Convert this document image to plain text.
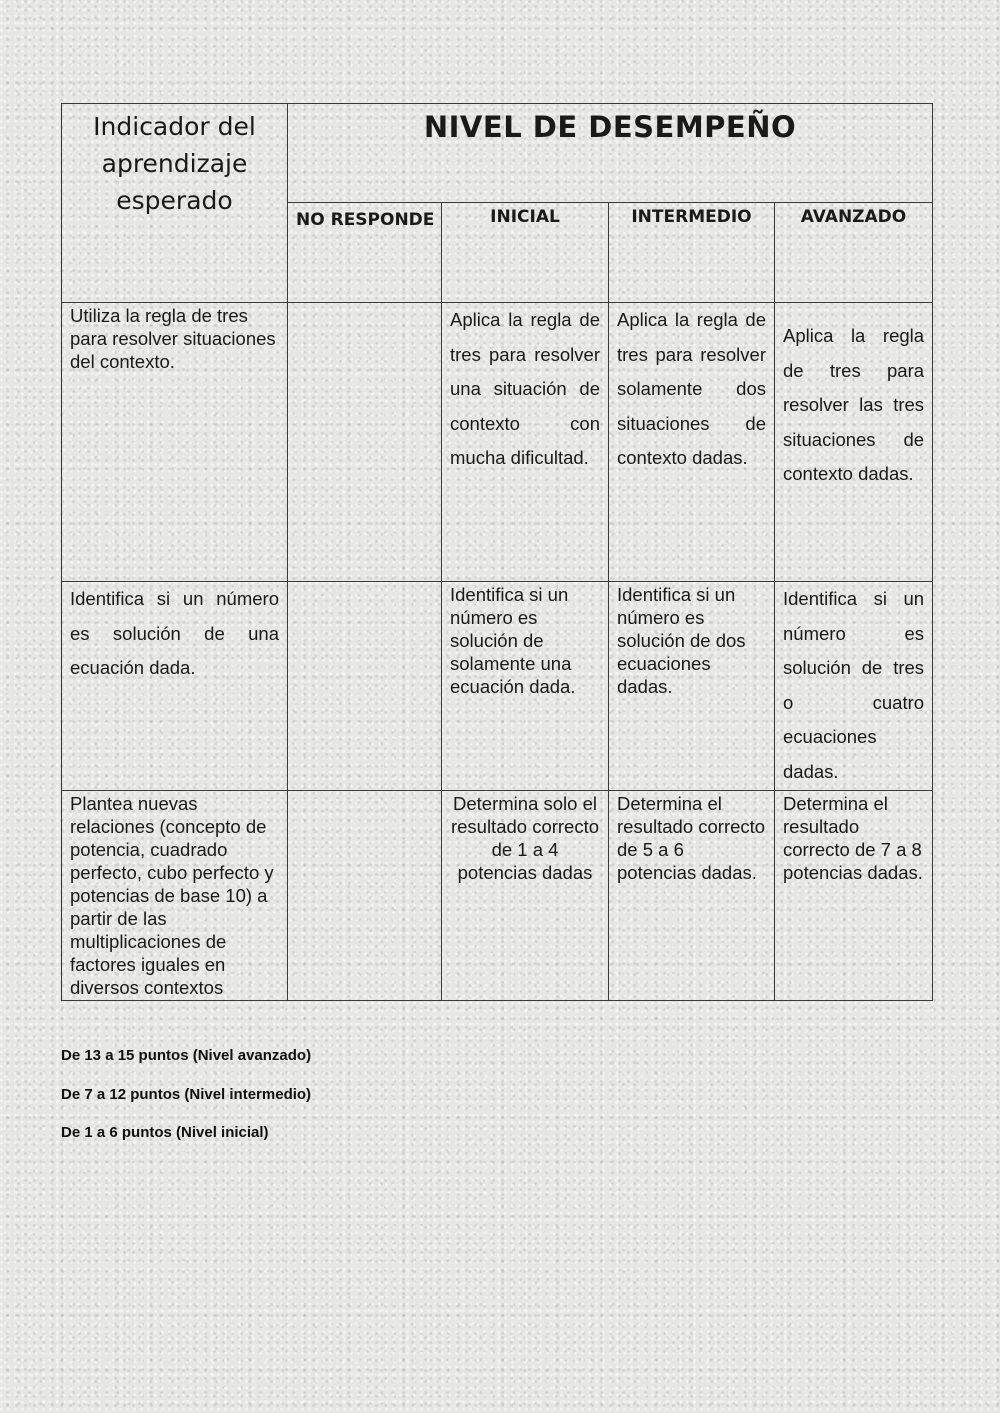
Indicador del aprendizaje esperado	NIVEL DE DESEMPEÑO			
	NO RESPONDE	INICIAL	INTERMEDIO	AVANZADO
Utiliza la regla de tres para resolver situaciones del contexto.		Aplica la regla de tres para resolver una situación de contexto con mucha dificultad.	Aplica la regla de tres para resolver solamente dos situaciones de contexto dadas.	Aplica la regla de tres para resolver las tres situaciones de contexto dadas.
Identifica si un número es solución de una ecuación dada.		Identifica si un número es solución de solamente una ecuación dada.	Identifica si un número es solución de dos ecuaciones dadas.	Identifica si un número es solución de tres o cuatro ecuaciones dadas.
Plantea nuevas relaciones (concepto de potencia, cuadrado perfecto, cubo perfecto y potencias de base 10) a partir de las multiplicaciones de factores iguales en diversos contextos		Determina solo el resultado correcto de 1 a 4 potencias dadas	Determina el resultado correcto de 5 a 6 potencias dadas.	Determina el resultado correcto de 7 a 8 potencias dadas.
De 13 a 15 puntos (Nivel avanzado)
De 7 a 12 puntos (Nivel intermedio)
De 1 a 6 puntos (Nivel inicial)
